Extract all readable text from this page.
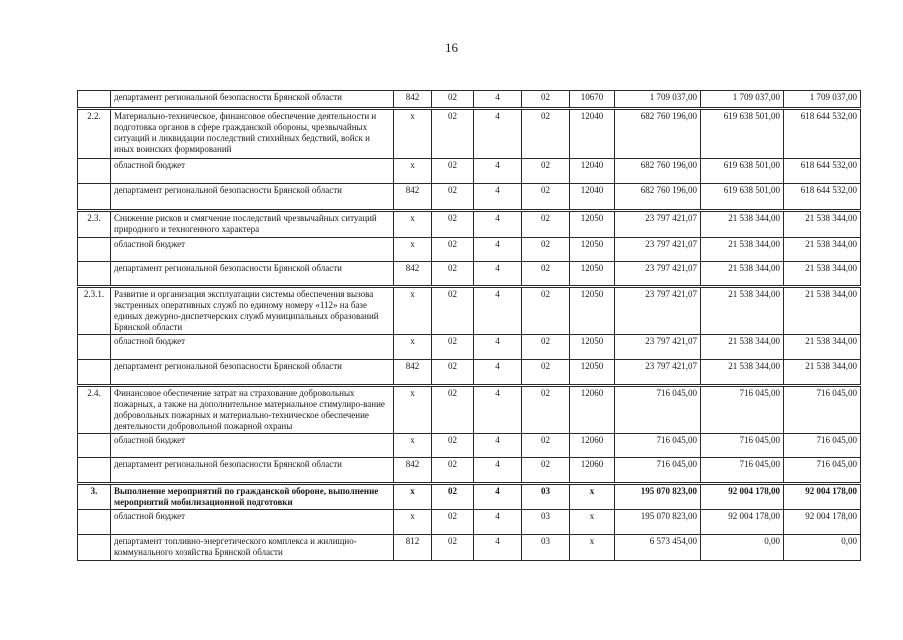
16
	департамент региональной безопасности Брянской области	842	02	4	02	10670	1 709 037,00	1 709 037,00	1 709 037,00
2.2.	Материально-техническое, финансовое обеспечение деятельности и подготовка органов в сфере гражданской обороны, чрезвычайных ситуаций и ликвидации последствий стихийных бедствий, войск и иных воинских формирований	x	02	4	02	12040	682 760 196,00	619 638 501,00	618 644 532,00
	областной бюджет	x	02	4	02	12040	682 760 196,00	619 638 501,00	618 644 532,00
	департамент региональной безопасности Брянской области	842	02	4	02	12040	682 760 196,00	619 638 501,00	618 644 532,00
2.3.	Снижение рисков и смягчение последствий чрезвычайных ситуаций природного и техногенного характера	x	02	4	02	12050	23 797 421,07	21 538 344,00	21 538 344,00
	областной бюджет	x	02	4	02	12050	23 797 421,07	21 538 344,00	21 538 344,00
	департамент региональной безопасности Брянской области	842	02	4	02	12050	23 797 421,07	21 538 344,00	21 538 344,00
2.3.1.	Развитие и организация эксплуатации системы обеспечения вызова экстренных оперативных служб по единому номеру «112» на базе единых дежурно-диспетчерских служб муниципальных образований Брянской области	x	02	4	02	12050	23 797 421,07	21 538 344,00	21 538 344,00
	областной бюджет	x	02	4	02	12050	23 797 421,07	21 538 344,00	21 538 344,00
	департамент региональной безопасности Брянской области	842	02	4	02	12050	23 797 421,07	21 538 344,00	21 538 344,00
2.4.	Финансовое обеспечение затрат на страхование добровольных пожарных, а также на дополнительное материальное стимулиро-вание добровольных пожарных и материально-техническое обеспечение деятельности добровольной пожарной охраны	x	02	4	02	12060	716 045,00	716 045,00	716 045,00
	областной бюджет	x	02	4	02	12060	716 045,00	716 045,00	716 045,00
	департамент региональной безопасности Брянской области	842	02	4	02	12060	716 045,00	716 045,00	716 045,00
3.	Выполнение мероприятий по гражданской обороне, выполнение мероприятий мобилизационной подготовки	x	02	4	03	x	195 070 823,00	92 004 178,00	92 004 178,00
	областной бюджет	x	02	4	03	x	195 070 823,00	92 004 178,00	92 004 178,00
	департамент топливно-энергетического комплекса и жилищно-коммунального хозяйства Брянской области	812	02	4	03	x	6 573 454,00	0,00	0,00
